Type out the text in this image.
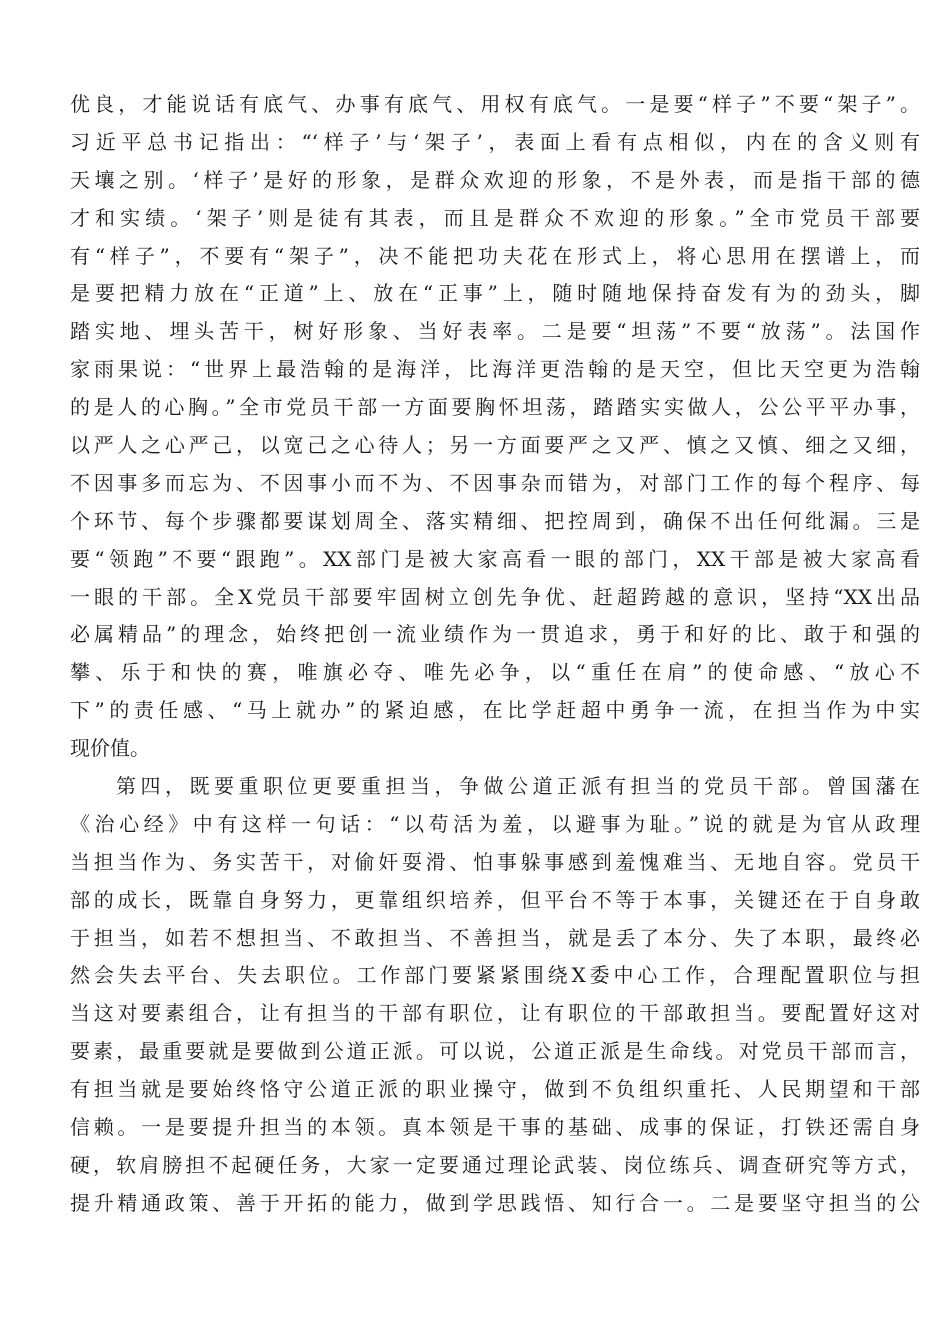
优良，才能说话有底气、办事有底气、用权有底气。一是要“样子”不要“架子”。
习近平总书记指出：“‘样子’与‘架子’，表面上看有点相似，内在的含义则有
天壤之别。‘样子’是好的形象，是群众欢迎的形象，不是外表，而是指干部的德
才和实绩。‘架子’则是徒有其表，而且是群众不欢迎的形象。”全市党员干部要
有“样子”，不要有“架子”，决不能把功夫花在形式上，将心思用在摆谱上，而
是要把精力放在“正道”上、放在“正事”上，随时随地保持奋发有为的劲头，脚
踏实地、埋头苦干，树好形象、当好表率。二是要“坦荡”不要“放荡”。法国作
家雨果说：“世界上最浩翰的是海洋，比海洋更浩翰的是天空，但比天空更为浩翰
的是人的心胸。”全市党员干部一方面要胸怀坦荡，踏踏实实做人，公公平平办事，
以严人之心严己，以宽己之心待人；另一方面要严之又严、慎之又慎、细之又细，
不因事多而忘为、不因事小而不为、不因事杂而错为，对部门工作的每个程序、每
个环节、每个步骤都要谋划周全、落实精细、把控周到，确保不出任何纰漏。三是
要“领跑”不要“跟跑”。XX部门是被大家高看一眼的部门，XX干部是被大家高看
一眼的干部。全X党员干部要牢固树立创先争优、赶超跨越的意识，坚持“XX出品
必属精品”的理念，始终把创一流业绩作为一贯追求，勇于和好的比、敢于和强的
攀、乐于和快的赛，唯旗必夺、唯先必争，以“重任在肩”的使命感、“放心不
下”的责任感、“马上就办”的紧迫感，在比学赶超中勇争一流，在担当作为中实
现价值。
第四，既要重职位更要重担当，争做公道正派有担当的党员干部。曾国藩在
《治心经》中有这样一句话：“以苟活为羞，以避事为耻。”说的就是为官从政理
当担当作为、务实苦干，对偷奸耍滑、怕事躲事感到羞愧难当、无地自容。党员干
部的成长，既靠自身努力，更靠组织培养，但平台不等于本事，关键还在于自身敢
于担当，如若不想担当、不敢担当、不善担当，就是丢了本分、失了本职，最终必
然会失去平台、失去职位。工作部门要紧紧围绕X委中心工作，合理配置职位与担
当这对要素组合，让有担当的干部有职位，让有职位的干部敢担当。要配置好这对
要素，最重要就是要做到公道正派。可以说，公道正派是生命线。对党员干部而言，
有担当就是要始终恪守公道正派的职业操守，做到不负组织重托、人民期望和干部
信赖。一是要提升担当的本领。真本领是干事的基础、成事的保证，打铁还需自身
硬，软肩膀担不起硬任务，大家一定要通过理论武装、岗位练兵、调查研究等方式，
提升精通政策、善于开拓的能力，做到学思践悟、知行合一。二是要坚守担当的公
